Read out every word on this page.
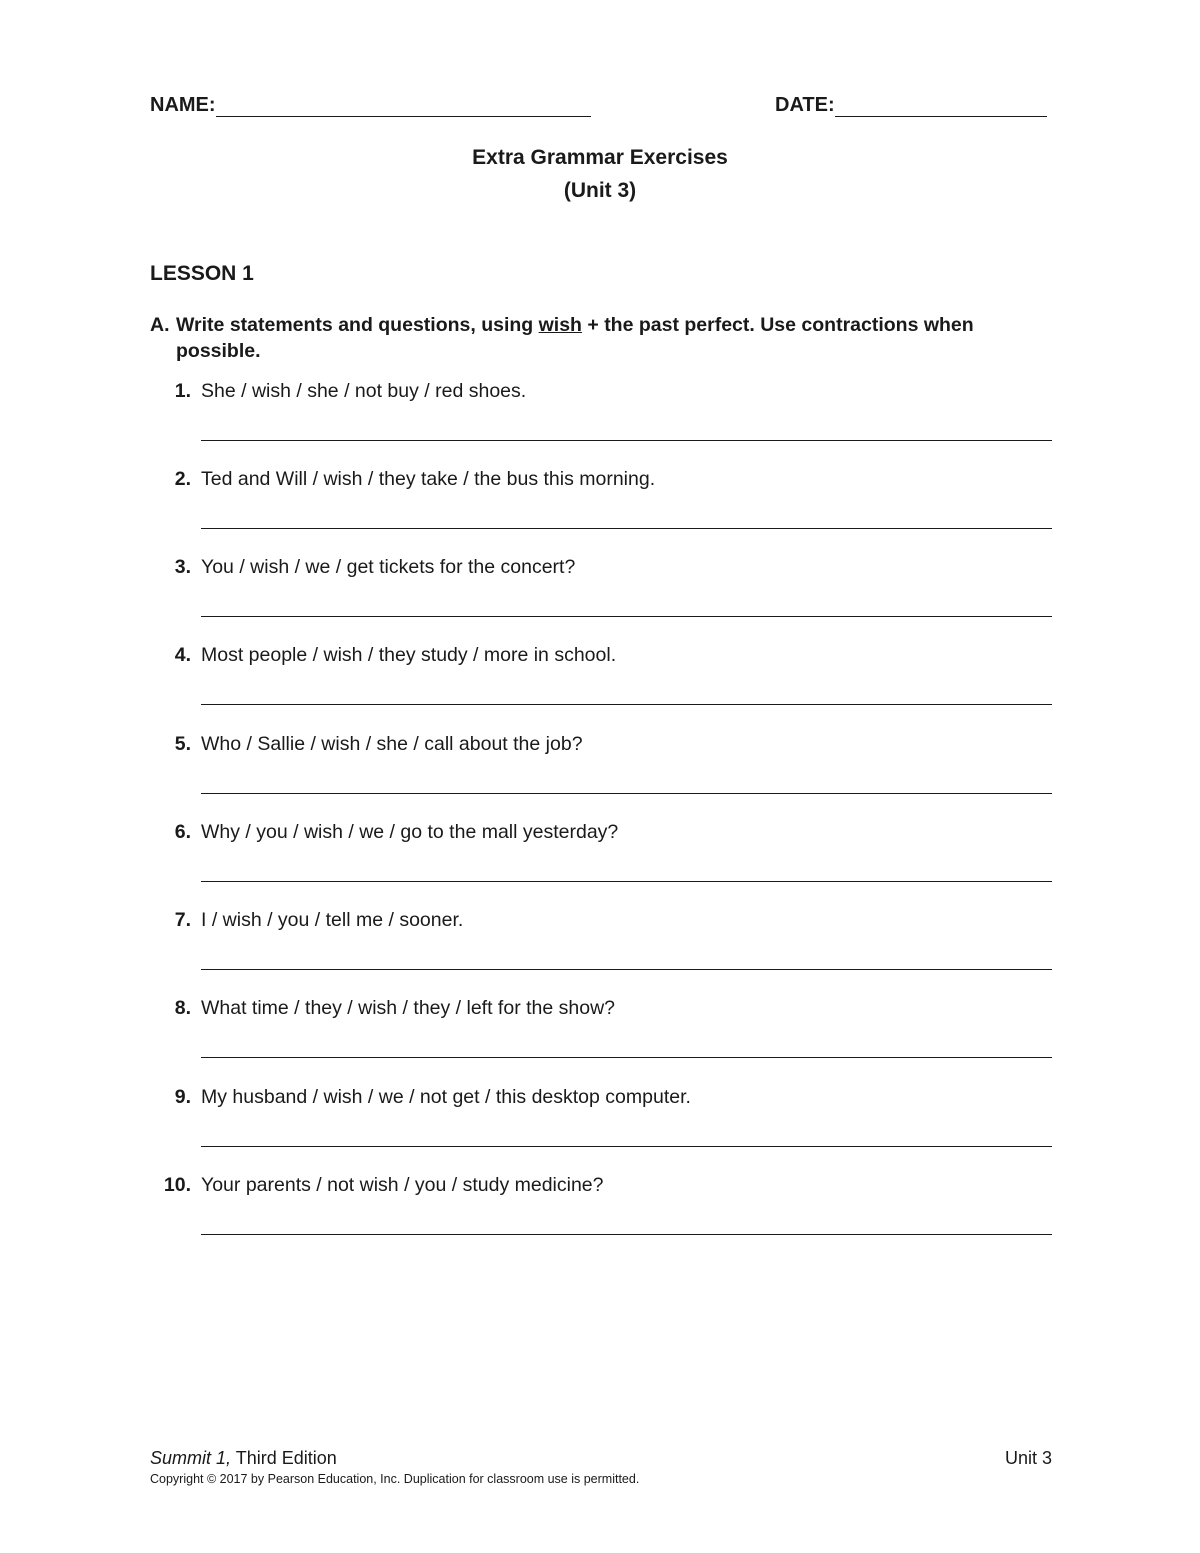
NAME:	DATE:
Extra Grammar Exercises
(Unit 3)
LESSON 1
A. Write statements and questions, using wish + the past perfect. Use contractions when possible.
1. She / wish / she / not buy / red shoes.
2. Ted and Will / wish / they take / the bus this morning.
3. You / wish / we / get tickets for the concert?
4. Most people / wish / they study / more in school.
5. Who / Sallie / wish / she / call about the job?
6. Why / you / wish / we / go to the mall yesterday?
7. I / wish / you / tell me / sooner.
8. What time / they / wish / they / left for the show?
9. My husband / wish / we / not get / this desktop computer.
10. Your parents / not wish / you / study medicine?
Summit 1, Third Edition	Unit 3
Copyright © 2017 by Pearson Education, Inc. Duplication for classroom use is permitted.
